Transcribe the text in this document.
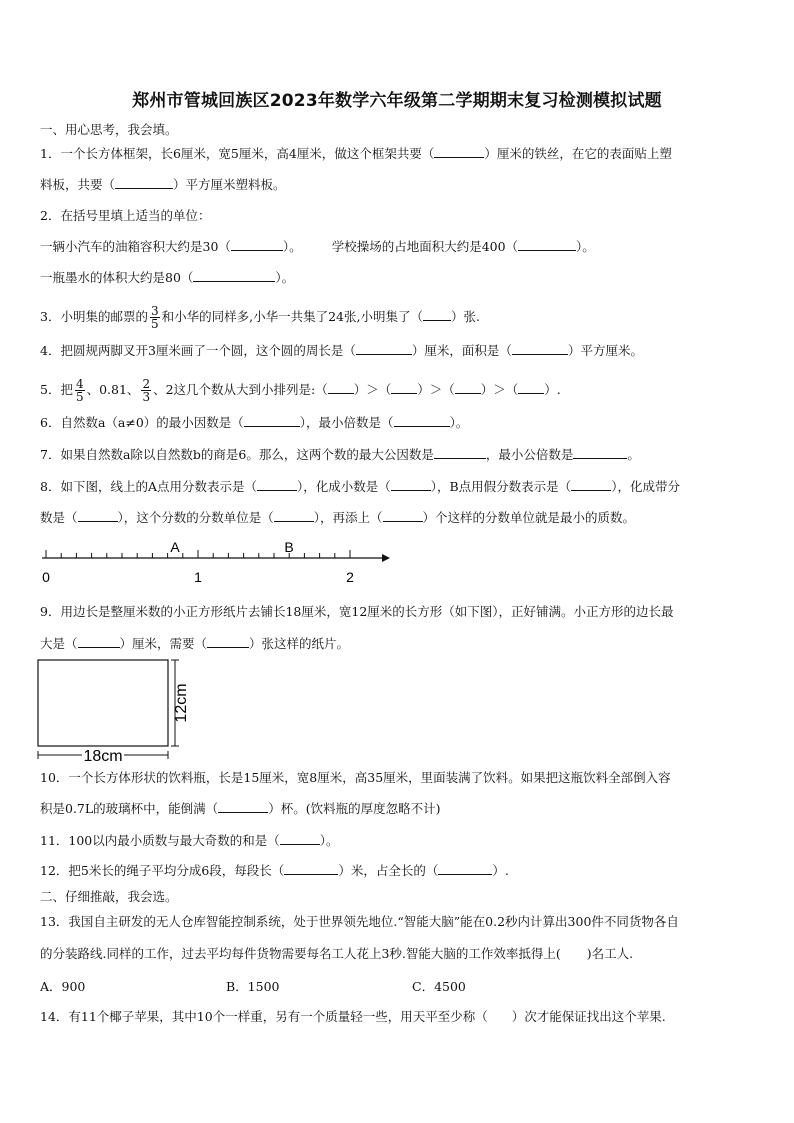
郑州市管城回族区2023年数学六年级第二学期期末复习检测模拟试题
一、用心思考，我会填。
1．一个长方体框架，长6厘米，宽5厘米，高4厘米，做这个框架共要（	）厘米的铁丝，在它的表面贴上塑
料板，共要（	）平方厘米塑料板。
2．在括号里填上适当的单位：
一辆小汽车的油箱容积大约是30（	）。 学校操场的占地面积大约是400（	）。
一瓶墨水的体积大约是80（	）。
3．小明集的邮票的 $\frac{3}{5}$ 和小华的同样多,小华一共集了24张,小明集了（ ）张.
4．把圆规两脚叉开3厘米画了一个圆，这个圆的周长是（	）厘米，面积是（	）平方厘米。
5．把 $\frac{4}{5}$ 、0.81、 $\frac{2}{3}$ 、2这几个数从大到小排列是:（ ）＞（ ）＞（ ）＞（ ）.
6．自然数a（a≠0）的最小因数是（	），最小倍数是（	）。
7．如果自然数a除以自然数b的商是6。那么，这两个数的最大公因数是	，最小公倍数是	。
8．如下图，线上的A点用分数表示是（	），化成小数是（	），B点用假分数表示是（	），化成带分
数是（	），这个分数的分数单位是（	），再添上（	）个这样的分数单位就是最小的质数。
A	B
0	1	2
9．用边长是整厘米数的小正方形纸片去铺长18厘米，宽12厘米的长方形（如下图），正好铺满。小正方形的边长最
大是（	）厘米，需要（	）张这样的纸片。
12cm
18cm
10．一个长方体形状的饮料瓶，长是15厘米，宽8厘米，高35厘米，里面装满了饮料。如果把这瓶饮料全部倒入容
积是0.7L的玻璃杯中，能倒满（	）杯。(饮料瓶的厚度忽略不计)
11．100以内最小质数与最大奇数的和是（	）。
12．把5米长的绳子平均分成6段，每段长（	）米，占全长的（	）.
二、仔细推敲，我会选。
13．我国自主研发的无人仓库智能控制系统，处于世界领先地位.“智能大脑”能在0.2秒内计算出300件不同货物各自
的分装路线.同样的工作，过去平均每件货物需要每名工人花上3秒.智能大脑的工作效率抵得上( )名工人.
A．900	B．1500	C．4500
14．有11个椰子苹果，其中10个一样重，另有一个质量轻一些，用天平至少称（ ）次才能保证找出这个苹果.
